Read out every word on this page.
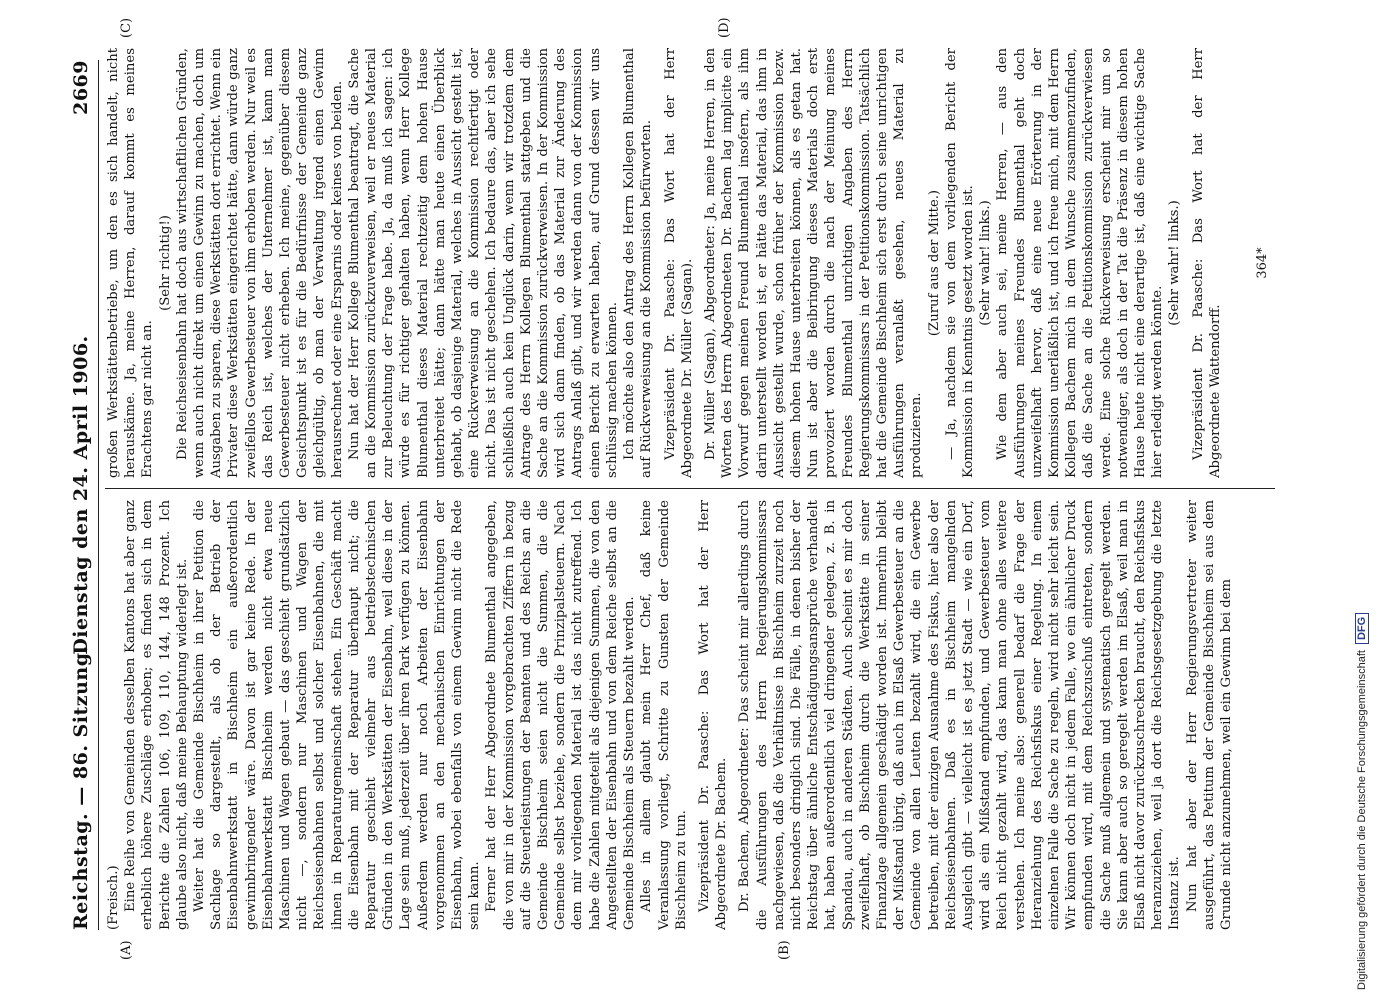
Reichstag. — 86. Sitzung.
Dienstag den 24. April 1906.
2669
(A)	(B)
(C)	(D)

(Freisch.) Eine Reihe von Gemeinden desselben Kantons hat aber ganz erheblich höhere Zuschläge erhoben; es finden sich in dem Berichte die Zahlen 106, 109, 110, 144, 148 Prozent. Ich glaube also nicht, daß meine Behauptung widerlegt ist. Weiter hat die Gemeinde Bischheim in ihrer Petition die Sachlage so dargestellt, als ob der Betrieb der Eisenbahnwerkstatt in Bischheim ein außerordentlich gewinnbringender wäre. Davon ist gar keine Rede. In der Eisenbahnwerkstatt Bischheim werden nicht etwa neue Maschinen und Wagen gebaut — das geschieht grundsätzlich nicht —, sondern nur Maschinen und Wagen der Reichseisenbahnen selbst und solcher Eisenbahnen, die mit ihnen in Reparaturgemeinschaft stehen. Ein Geschäft macht die Eisenbahn mit der Reparatur überhaupt nicht; die Reparatur geschieht vielmehr aus betriebstechnischen Gründen in den Werkstätten der Eisenbahn, weil diese in der Lage sein muß, jederzeit über ihren Park verfügen zu können. Außerdem werden nur noch Arbeiten der Eisenbahn vorgenommen an den mechanischen Einrichtungen der Eisenbahn, wobei ebenfalls von einem Gewinn nicht die Rede sein kann. Ferner hat der Herr Abgeordnete Blumenthal angegeben, die von mir in der Kommission vorgebrachten Ziffern in bezug auf die Steuerleistungen der Beamten und des Reichs an die Gemeinde Bischheim seien nicht die Summen, die die Gemeinde selbst beziehe, sondern die Prinzipalsteuern. Nach dem mir vorliegenden Material ist das nicht zutreffend. Ich habe die Zahlen mitgeteilt als diejenigen Summen, die von den Angestellten der Eisenbahn und von dem Reiche selbst an die Gemeinde Bischheim als Steuern bezahlt werden. Alles in allem glaubt mein Herr Chef, daß keine Veranlassung vorliegt, Schritte zu Gunsten der Gemeinde Bischheim zu tun. Vizepräsident Dr. Paasche: Das Wort hat der Herr Abgeordnete Dr. Bachem. Dr. Bachem, Abgeordneter: Das scheint mir allerdings durch die Ausführungen des Herrn Regierungskommissars nachgewiesen, daß die Verhältnisse in Bischheim zurzeit noch nicht besonders dringlich sind. Die Fälle, in denen bisher der Reichstag über ähnliche Entschädigungsansprüche verhandelt hat, haben außerordentlich viel dringender gelegen, z. B. in Spandau, auch in anderen Städten. Auch scheint es mir doch zweifelhaft, ob Bischheim durch die Werkstätte in seiner Finanzlage allgemein geschädigt worden ist. Immerhin bleibt der Mißstand übrig, daß auch im Elsaß Gewerbesteuer an die Gemeinde von allen Leuten bezahlt wird, die ein Gewerbe betreiben, mit der einzigen Ausnahme des Fiskus, hier also der Reichseisenbahnen. Daß es in Bischheim mangelnden Ausgleich gibt — vielleicht ist es jetzt Stadt — wie ein Dorf, wird als ein Mißstand empfunden, und Gewerbesteuer vom Reich nicht gezahlt wird, das kann man ohne alles weitere verstehen. Ich meine also: generell bedarf die Frage der Heranziehung des Reichsfiskus einer Regelung. In einem einzelnen Falle die Sache zu regeln, wird nicht sehr leicht sein. Wir können doch nicht in jedem Falle, wo ein ähnlicher Druck empfunden wird, mit dem Reichszuschuß eintreten, sondern die Sache muß allgemein und systematisch geregelt werden. Sie kann aber auch so geregelt werden im Elsaß, weil man in Elsaß nicht davor zurückzuschrecken braucht, den Reichsfiskus heranzuziehen, weil ja dort die Reichsgesetzgebung die letzte Instanz ist. Nun hat aber der Herr Regierungsvertreter weiter ausgeführt, das Petitum der Gemeinde Bischheim sei aus dem Grunde nicht anzunehmen, weil ein Gewinn bei dem

großen Werkstättenbetriebe, um den es sich handelt, nicht herauskäme. Ja, meine Herren, darauf kommt es meines Erachtens gar nicht an.

(Sehr richtig!) Die Reichseisenbahn hat doch aus wirtschaftlichen Gründen, wenn auch nicht direkt um einen Gewinn zu machen, doch um Ausgaben zu sparen, diese Werkstätten dort errichtet. Wenn ein Privater diese Werkstätten eingerichtet hätte, dann würde ganz zweifellos Gewerbesteuer von ihm erhoben werden. Nur weil es das Reich ist, welches der Unternehmer ist, kann man Gewerbesteuer nicht erheben. Ich meine, gegenüber diesem Gesichtspunkt ist es für die Bedürfnisse der Gemeinde ganz gleichgültig, ob man der Verwaltung irgend einen Gewinn herausrechnet oder eine Ersparnis oder keines von beiden. Nun hat der Herr Kollege Blumenthal beantragt, die Sache an die Kommission zurückzuverweisen, weil er neues Material zur Beleuchtung der Frage habe. Ja, da muß ich sagen: ich würde es für richtiger gehalten haben, wenn Herr Kollege Blumenthal dieses Material rechtzeitig dem hohen Hause unterbreitet hätte; dann hätte man heute einen Überblick gehabt, ob dasjenige Material, welches in Aussicht gestellt ist, eine Rückverweisung an die Kommission rechtfertigt oder nicht. Das ist nicht geschehen. Ich bedaure das, aber ich sehe schließlich auch kein Unglück darin, wenn wir trotzdem dem Antrage des Herrn Kollegen Blumenthal stattgeben und die Sache an die Kommission zurückverweisen. In der Kommission wird sich dann finden, ob das Material zur Änderung des Antrags Anlaß gibt, und wir werden dann von der Kommission einen Bericht zu erwarten haben, auf Grund dessen wir uns schlüssig machen können. Ich möchte also den Antrag des Herrn Kollegen Blumenthal auf Rückverweisung an die Kommission befürworten. Vizepräsident Dr. Paasche: Das Wort hat der Herr Abgeordnete Dr. Müller (Sagan). Dr. Müller (Sagan), Abgeordneter: Ja, meine Herren, in den Worten des Herrn Abgeordneten Dr. Bachem lag implicite ein Vorwurf gegen meinen Freund Blumenthal insofern, als ihm darin unterstellt worden ist, er hätte das Material, das ihm in Aussicht gestellt wurde, schon früher der Kommission bezw. diesem hohen Hause unterbreiten können, als es getan hat. Nun ist aber die Beibringung dieses Materials doch erst provoziert worden durch die nach der Meinung meines Freundes Blumenthal unrichtigen Angaben des Herrn Regierungskommissars in der Petitionskommission. Tatsächlich hat die Gemeinde Bischheim sich erst durch seine unrichtigen Ausführungen veranlaßt gesehen, neues Material zu produzieren.

(Zuruf aus der Mitte.) — Ja, nachdem sie von dem vorliegenden Bericht der Kommission in Kenntnis gesetzt worden ist. (Sehr wahr! links.) Wie dem aber auch sei, meine Herren, — aus den Ausführungen meines Freundes Blumenthal geht doch unzweifelhaft hervor, daß eine neue Erörterung in der Kommission unerläßlich ist, und ich freue mich, mit dem Herrn Kollegen Bachem mich in dem Wunsche zusammenzufinden, daß die Sache an die Petitionskommission zurückverwiesen werde. Eine solche Rückverweisung erscheint mir um so notwendiger, als doch in der Tat die Präsenz in diesem hohen Hause heute nicht eine derartige ist, daß eine wichtige Sache hier erledigt werden könnte.

(Sehr wahr! links.) Vizepräsident Dr. Paasche: Das Wort hat der Herr Abgeordnete Wattendorff.

364*
Digitalisierung gefördert durch die Deutsche Forschungsgemeinschaft
DFG
